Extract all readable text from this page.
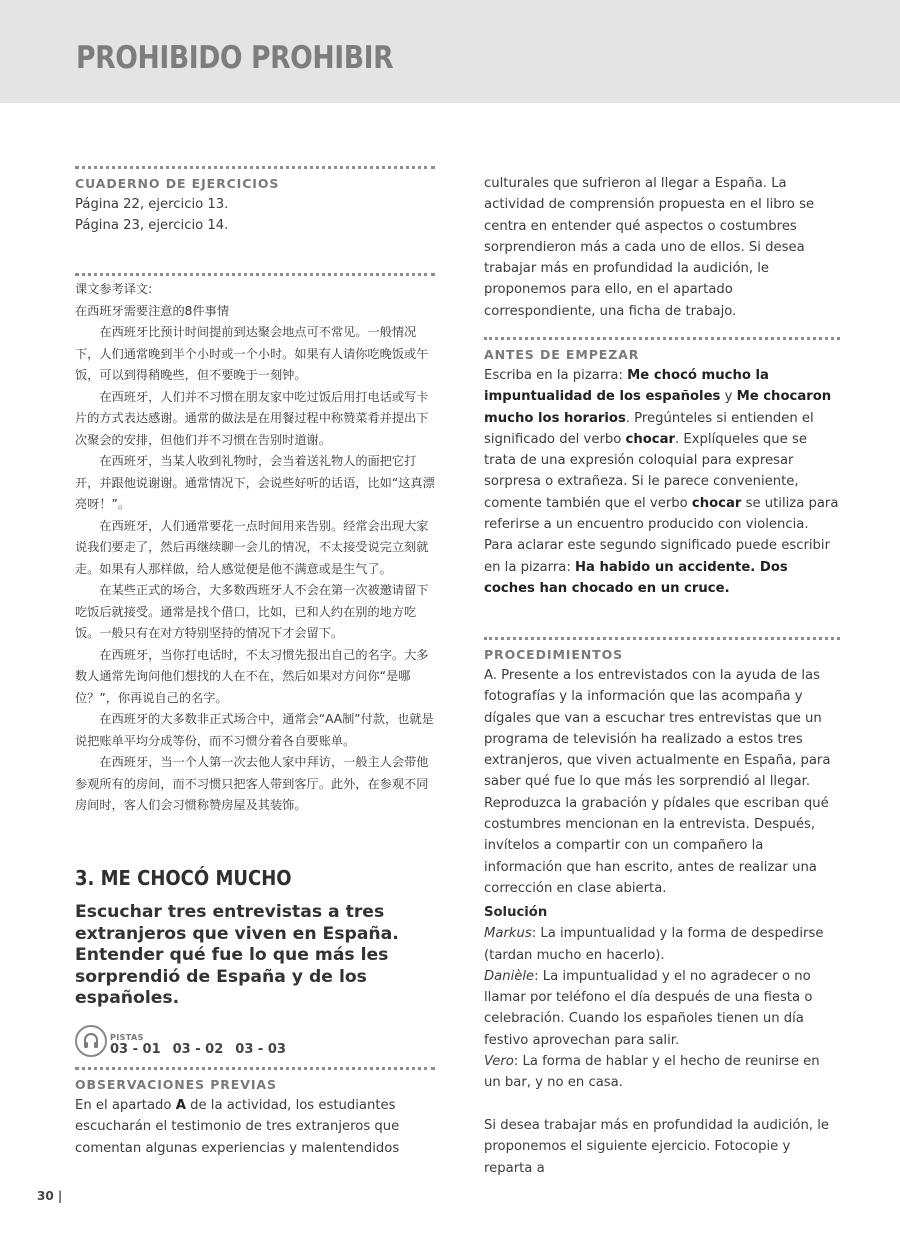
PROHIBIDO PROHIBIR
CUADERNO DE EJERCICIOS

Página 22, ejercicio 13.

Página 23, ejercicio 14.

课文参考译文:

在西班牙需要注意的8件事情

在西班牙比预计时间提前到达聚会地点可不常见。一般情况下，人们通常晚到半个小时或一个小时。如果有人请你吃晚饭或午饭，可以到得稍晚些，但不要晚于一刻钟。

在西班牙，人们并不习惯在朋友家中吃过饭后用打电话或写卡片的方式表达感谢。通常的做法是在用餐过程中称赞菜肴并提出下次聚会的安排，但他们并不习惯在告别时道谢。

在西班牙，当某人收到礼物时，会当着送礼物人的面把它打开，并跟他说谢谢。通常情况下，会说些好听的话语，比如“这真漂亮呀！”。

在西班牙，人们通常要花一点时间用来告别。经常会出现大家说我们要走了，然后再继续聊一会儿的情况，不太接受说完立刻就走。如果有人那样做，给人感觉便是他不满意或是生气了。

在某些正式的场合，大多数西班牙人不会在第一次被邀请留下吃饭后就接受。通常是找个借口，比如，已和人约在别的地方吃饭。一般只有在对方特别坚持的情况下才会留下。

在西班牙，当你打电话时，不太习惯先报出自己的名字。大多数人通常先询问他们想找的人在不在，然后如果对方问你“是哪位？”，你再说自己的名字。

在西班牙的大多数非正式场合中，通常会“AA制”付款，也就是说把账单平均分成等份，而不习惯分着各自要账单。

在西班牙，当一个人第一次去他人家中拜访，一般主人会带他参观所有的房间，而不习惯只把客人带到客厅。此外，在参观不同房间时，客人们会习惯称赞房屋及其装饰。

3. ME CHOCÓ MUCHO

Escuchar tres entrevistas a tres extranjeros que viven en España. Entender qué fue lo que más les sorprendió de España y de los españoles.

PISTAS
03 - 01 03 - 02 03 - 03
OBSERVACIONES PREVIAS

En el apartado A de la actividad, los estudiantes escucharán el testimonio de tres extranjeros que comentan algunas experiencias y malentendidos

culturales que sufrieron al llegar a España. La actividad de comprensión propuesta en el libro se centra en entender qué aspectos o costumbres sorprendieron más a cada uno de ellos. Si desea trabajar más en profundidad la audición, le proponemos para ello, en el apartado correspondiente, una ficha de trabajo.

ANTES DE EMPEZAR

Escriba en la pizarra: Me chocó mucho la impuntualidad de los españoles y Me chocaron mucho los horarios. Pregúnteles si entienden el significado del verbo chocar. Explíqueles que se trata de una expresión coloquial para expresar sorpresa o extrañeza. Si le parece conveniente, comente también que el verbo chocar se utiliza para referirse a un encuentro producido con violencia. Para aclarar este segundo significado puede escribir en la pizarra: Ha habido un accidente. Dos coches han chocado en un cruce.

PROCEDIMIENTOS

A. Presente a los entrevistados con la ayuda de las fotografías y la información que las acompaña y dígales que van a escuchar tres entrevistas que un programa de televisión ha realizado a estos tres extranjeros, que viven actualmente en España, para saber qué fue lo que más les sorprendió al llegar. Reproduzca la grabación y pídales que escriban qué costumbres mencionan en la entrevista. Después, invítelos a compartir con un compañero la información que han escrito, antes de realizar una corrección en clase abierta.

Solución

Markus: La impuntualidad y la forma de despedirse (tardan mucho en hacerlo).

Danièle: La impuntualidad y el no agradecer o no llamar por teléfono el día después de una fiesta o celebración. Cuando los españoles tienen un día festivo aprovechan para salir.

Vero: La forma de hablar y el hecho de reunirse en un bar, y no en casa.

Si desea trabajar más en profundidad la audición, le proponemos el siguiente ejercicio. Fotocopie y reparta a

30 |
